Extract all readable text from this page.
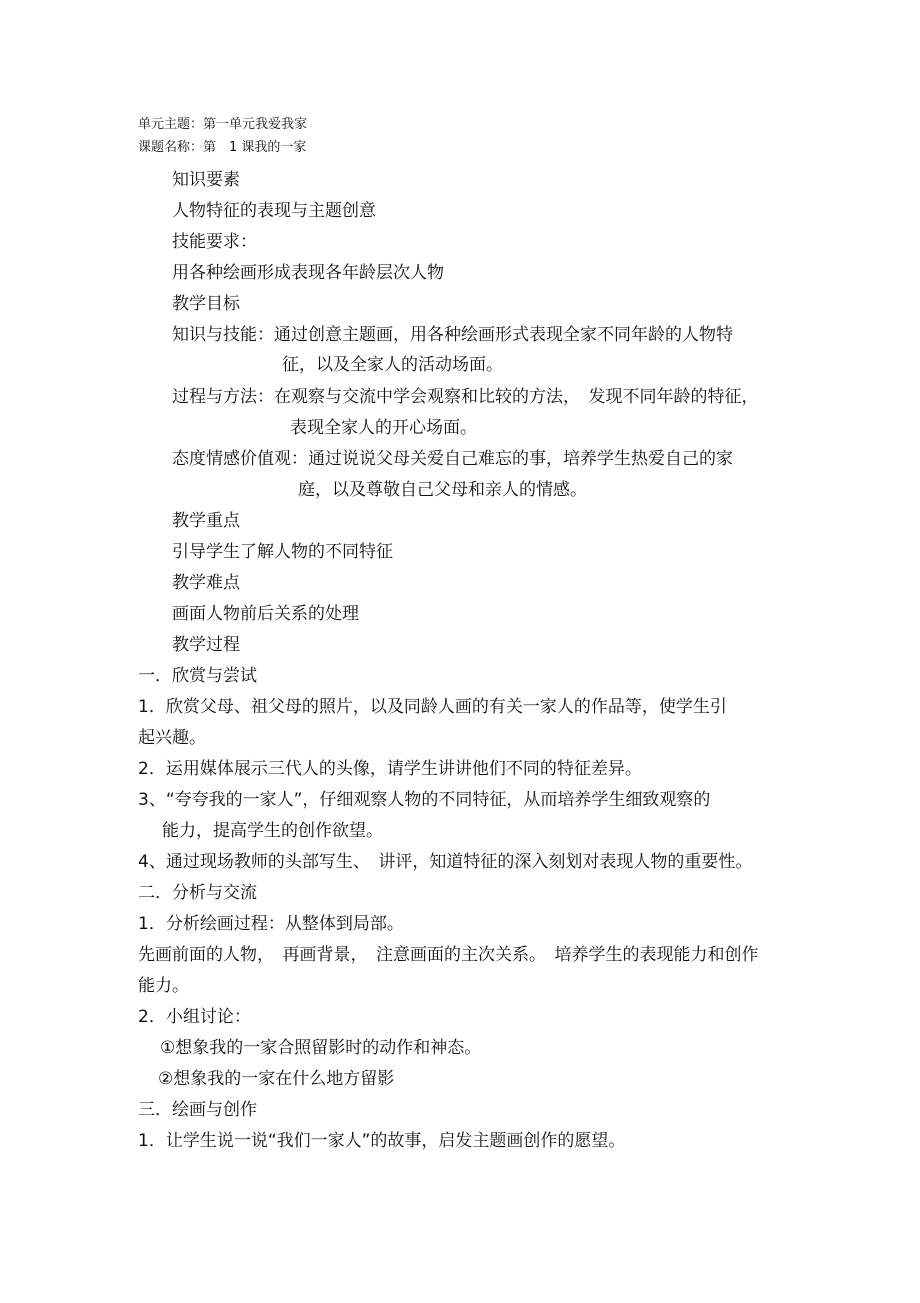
单元主题：第一单元我爱我家
课题名称：第　1 课我的一家
知识要素
人物特征的表现与主题创意
技能要求：
用各种绘画形成表现各年龄层次人物
教学目标
知识与技能：通过创意主题画，用各种绘画形式表现全家不同年龄的人物特
征，以及全家人的活动场面。
过程与方法：在观察与交流中学会观察和比较的方法，　发现不同年龄的特征，
表现全家人的开心场面。
态度情感价值观：通过说说父母关爱自己难忘的事，培养学生热爱自己的家
庭，以及尊敬自己父母和亲人的情感。
教学重点
引导学生了解人物的不同特征
教学难点
画面人物前后关系的处理
教学过程
一．欣赏与尝试
1．欣赏父母、祖父母的照片，以及同龄人画的有关一家人的作品等，使学生引
起兴趣。
2．运用媒体展示三代人的头像，请学生讲讲他们不同的特征差异。
3、“夸夸我的一家人”，仔细观察人物的不同特征，从而培养学生细致观察的
能力，提高学生的创作欲望。
4、通过现场教师的头部写生、　讲评，知道特征的深入刻划对表现人物的重要性。
二．分析与交流
1．分析绘画过程：从整体到局部。
先画前面的人物，　再画背景，　注意画面的主次关系。　培养学生的表现能力和创作
能力。
2．小组讨论：
①想象我的一家合照留影时的动作和神态。
②想象我的一家在什么地方留影
三．绘画与创作
1．让学生说一说“我们一家人”的故事，启发主题画创作的愿望。
